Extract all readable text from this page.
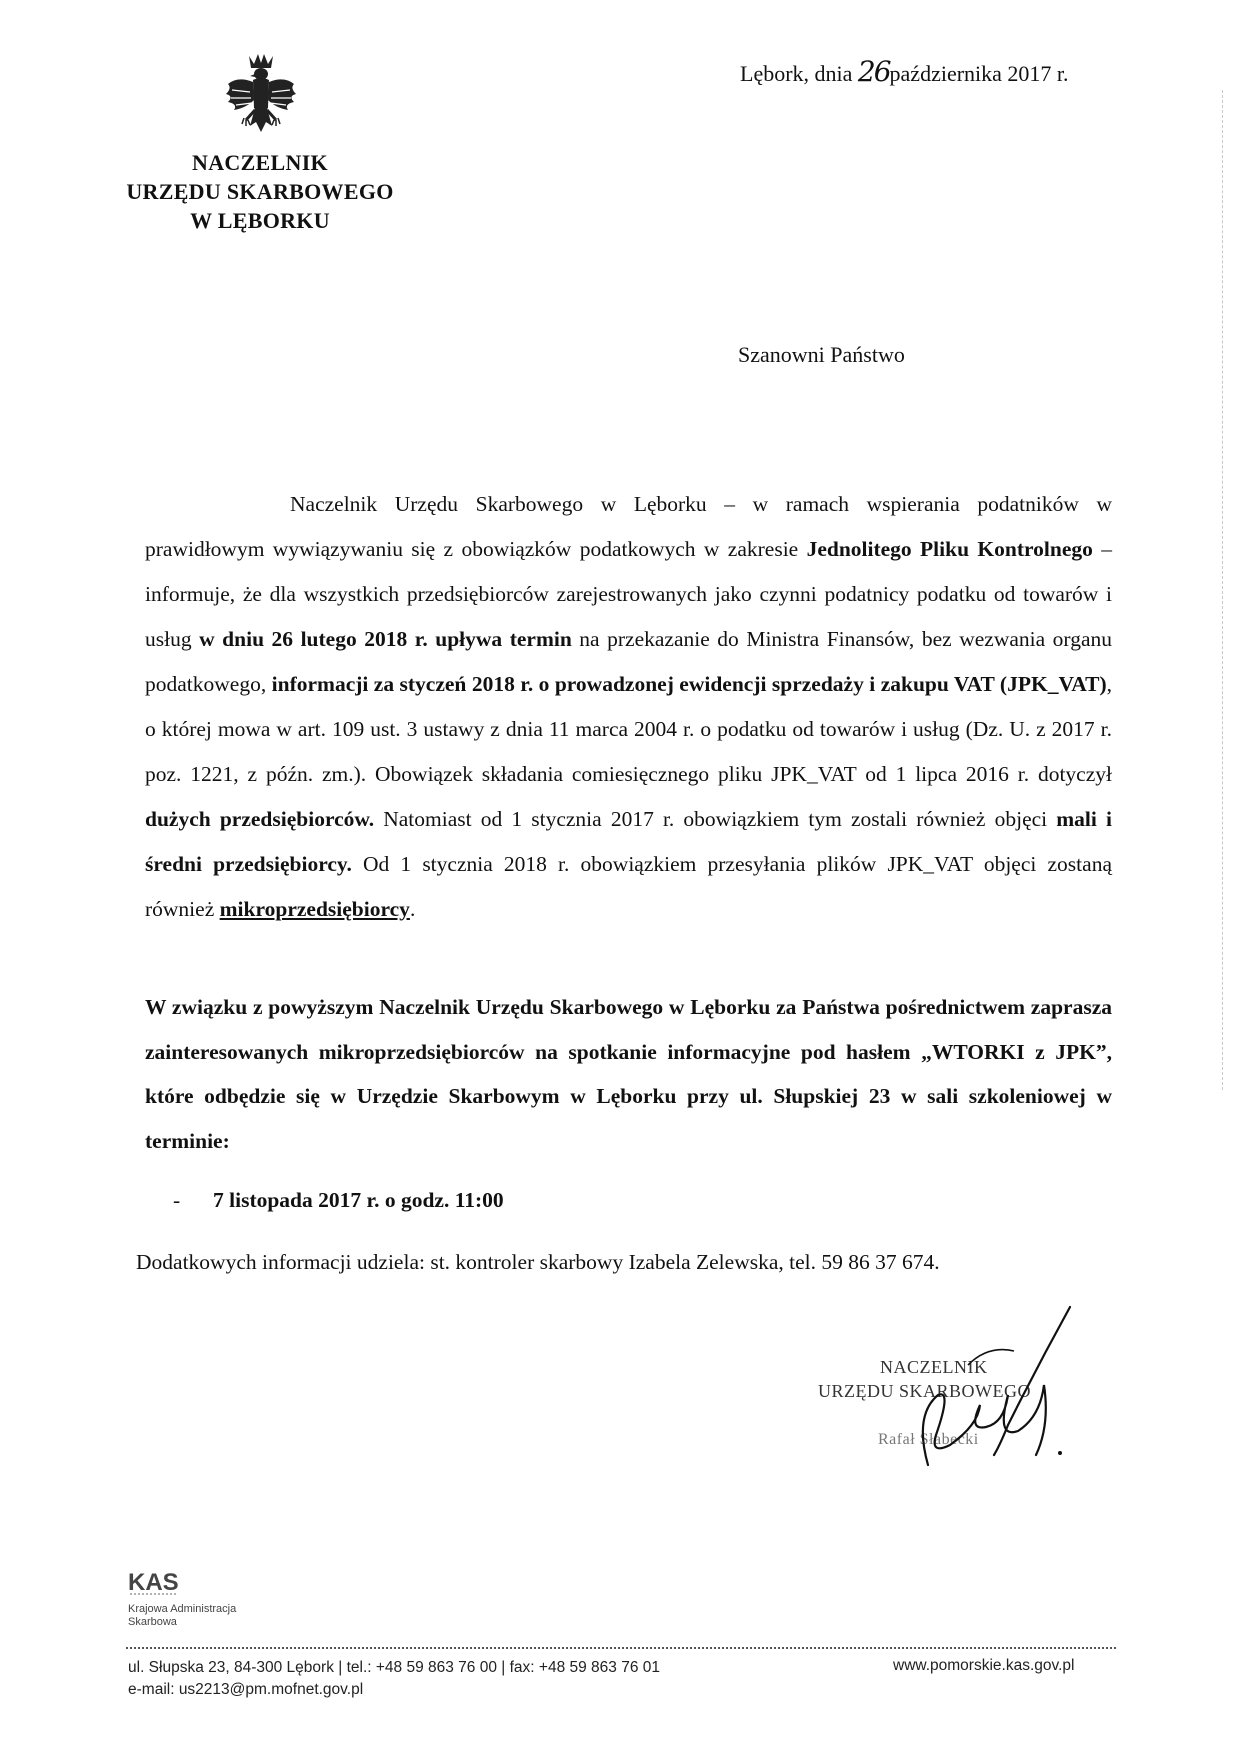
NACZELNIK
URZĘDU SKARBOWEGO
W LĘBORKU
Lębork, dnia 26października 2017 r.
Szanowni Państwo
Naczelnik Urzędu Skarbowego w Lęborku – w ramach wspierania podatników w prawidłowym wywiązywaniu się z obowiązków podatkowych w zakresie Jednolitego Pliku Kontrolnego – informuje, że dla wszystkich przedsiębiorców zarejestrowanych jako czynni podatnicy podatku od towarów i usług w dniu 26 lutego 2018 r. upływa termin na przekazanie do Ministra Finansów, bez wezwania organu podatkowego, informacji za styczeń 2018 r. o prowadzonej ewidencji sprzedaży i zakupu VAT (JPK_VAT), o której mowa w art. 109 ust. 3 ustawy z dnia 11 marca 2004 r. o podatku od towarów i usług (Dz. U. z 2017 r. poz. 1221, z późn. zm.). Obowiązek składania comiesięcznego pliku JPK_VAT od 1 lipca 2016 r. dotyczył dużych przedsiębiorców. Natomiast od 1 stycznia 2017 r. obowiązkiem tym zostali również objęci mali i średni przedsiębiorcy. Od 1 stycznia 2018 r. obowiązkiem przesyłania plików JPK_VAT objęci zostaną również mikroprzedsiębiorcy.
W związku z powyższym Naczelnik Urzędu Skarbowego w Lęborku za Państwa pośrednictwem zaprasza zainteresowanych mikroprzedsiębiorców na spotkanie informacyjne pod hasłem „WTORKI z JPK”, które odbędzie się w Urzędzie Skarbowym w Lęborku przy ul. Słupskiej 23 w sali szkoleniowej w terminie:
- 7 listopada 2017 r. o godz. 11:00
Dodatkowych informacji udziela: st. kontroler skarbowy Izabela Zelewska, tel. 59 86 37 674.
NACZELNIK
URZĘDU SKARBOWEGO
Rafał Słabecki
KAS
Krajowa Administracja
Skarbowa
ul. Słupska 23, 84-300 Lębork | tel.: +48 59 863 76 00 | fax: +48 59 863 76 01
e-mail: us2213@pm.mofnet.gov.pl
www.pomorskie.kas.gov.pl
